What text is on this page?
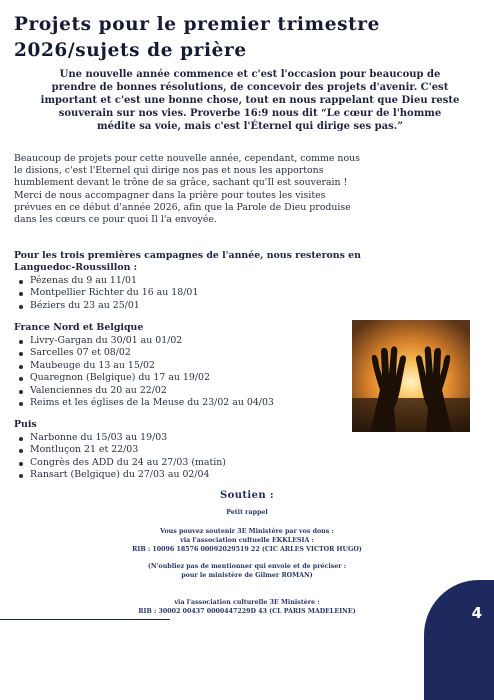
Projets pour le premier trimestre
2026/sujets de prière

Une nouvelle année commence et c'est l'occasion pour beaucoup de prendre de bonnes résolutions, de concevoir des projets d'avenir. C'est important et c'est une bonne chose, tout en nous rappelant que Dieu reste souverain sur nos vies. Proverbe 16:9 nous dit “Le cœur de l'homme médite sa voie, mais c'est l'Éternel qui dirige ses pas.”

Beaucoup de projets pour cette nouvelle année, cependant, comme nous le disions, c'est l'Eternel qui dirige nos pas et nous les apportons humblement devant le trône de sa grâce, sachant qu'Il est souverain !

Merci de nous accompagner dans la prière pour toutes les visites prévues en ce début d'année 2026, afin que la Parole de Dieu produise dans les cœurs ce pour quoi Il l'a envoyée.

Pour les trois premières campagnes de l'année, nous resterons en Languedoc-Roussillon :

Pézenas du 9 au 11/01
Montpellier Richter du 16 au 18/01
Béziers du 23 au 25/01

France Nord et Belgique

Livry-Gargan du 30/01 au 01/02
Sarcelles 07 et 08/02
Maubeuge du 13 au 15/02
Quaregnon (Belgique) du 17 au 19/02
Valenciennes du 20 au 22/02
Reims et les églises de la Meuse du 23/02 au 04/03

Puis

Narbonne du 15/03 au 19/03
Montluçon 21 et 22/03
Congrès des ADD du 24 au 27/03 (matin)
Ransart (Belgique) du 27/03 au 02/04

Soutien :

Petit rappel

Vous pouvez soutenir 3E Ministère par vos dons :
via l'association cultuelle EKKLESIA :
RIB : 10096 18576 00092029519 22 (CIC ARLES VICTOR HUGO)
(N'oubliez pas de mentionner qui envoie et de préciser :
pour le ministère de Gilmer ROMAN)
via l'association culturelle 3E Ministère :
RIB : 30002 00437 0000447229D 43 (CL PARIS MADELEINE)	4
